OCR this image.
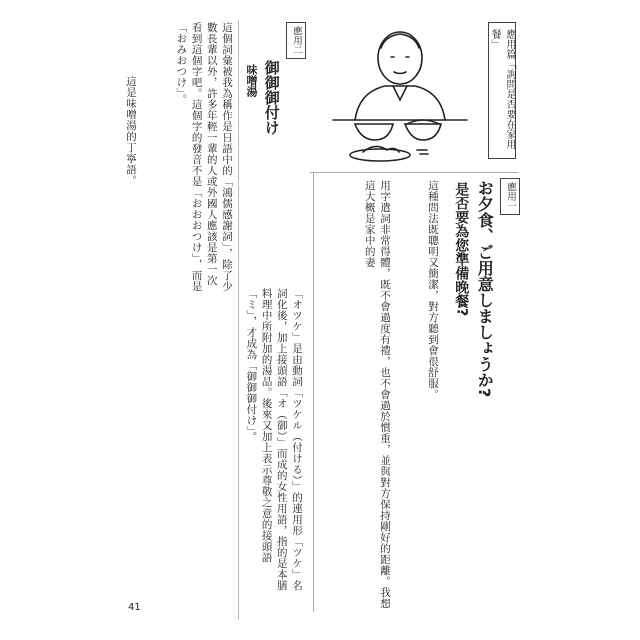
應用篇「詢問是否要在家用餐」
應用一
お夕食、ご用意しましょうか?
是否要為您準備晚餐?
這種問法既聰明又簡潔，對方聽到會很舒服。
用字遣詞非常得體，既不會過度有禮，也不會過於慣重，並與對方保持剛好的距離。我想這大概是家中的妻
應用二
御御御付け
味噌湯
這個詞彙被我為稱作是日語中的「鴻儒感謝詞」，除了少數長輩以外，許多年輕一輩的人或外國人應該是第一次看到這個字吧。這個字的發音不是「おおおつけ」，而是「おみおつけ」。
這是味噌湯的丁寧語。
「オツケ」是由動詞「ツケル（付ける）」的連用形「ツケ」名詞化後，加上接頭語「オ（御）」而成的女性用語，指的是本膳料理中所附加的湯品。後來又加上表示尊敬之意的接頭語「ミ」，才成為「御御御付け」。
41
